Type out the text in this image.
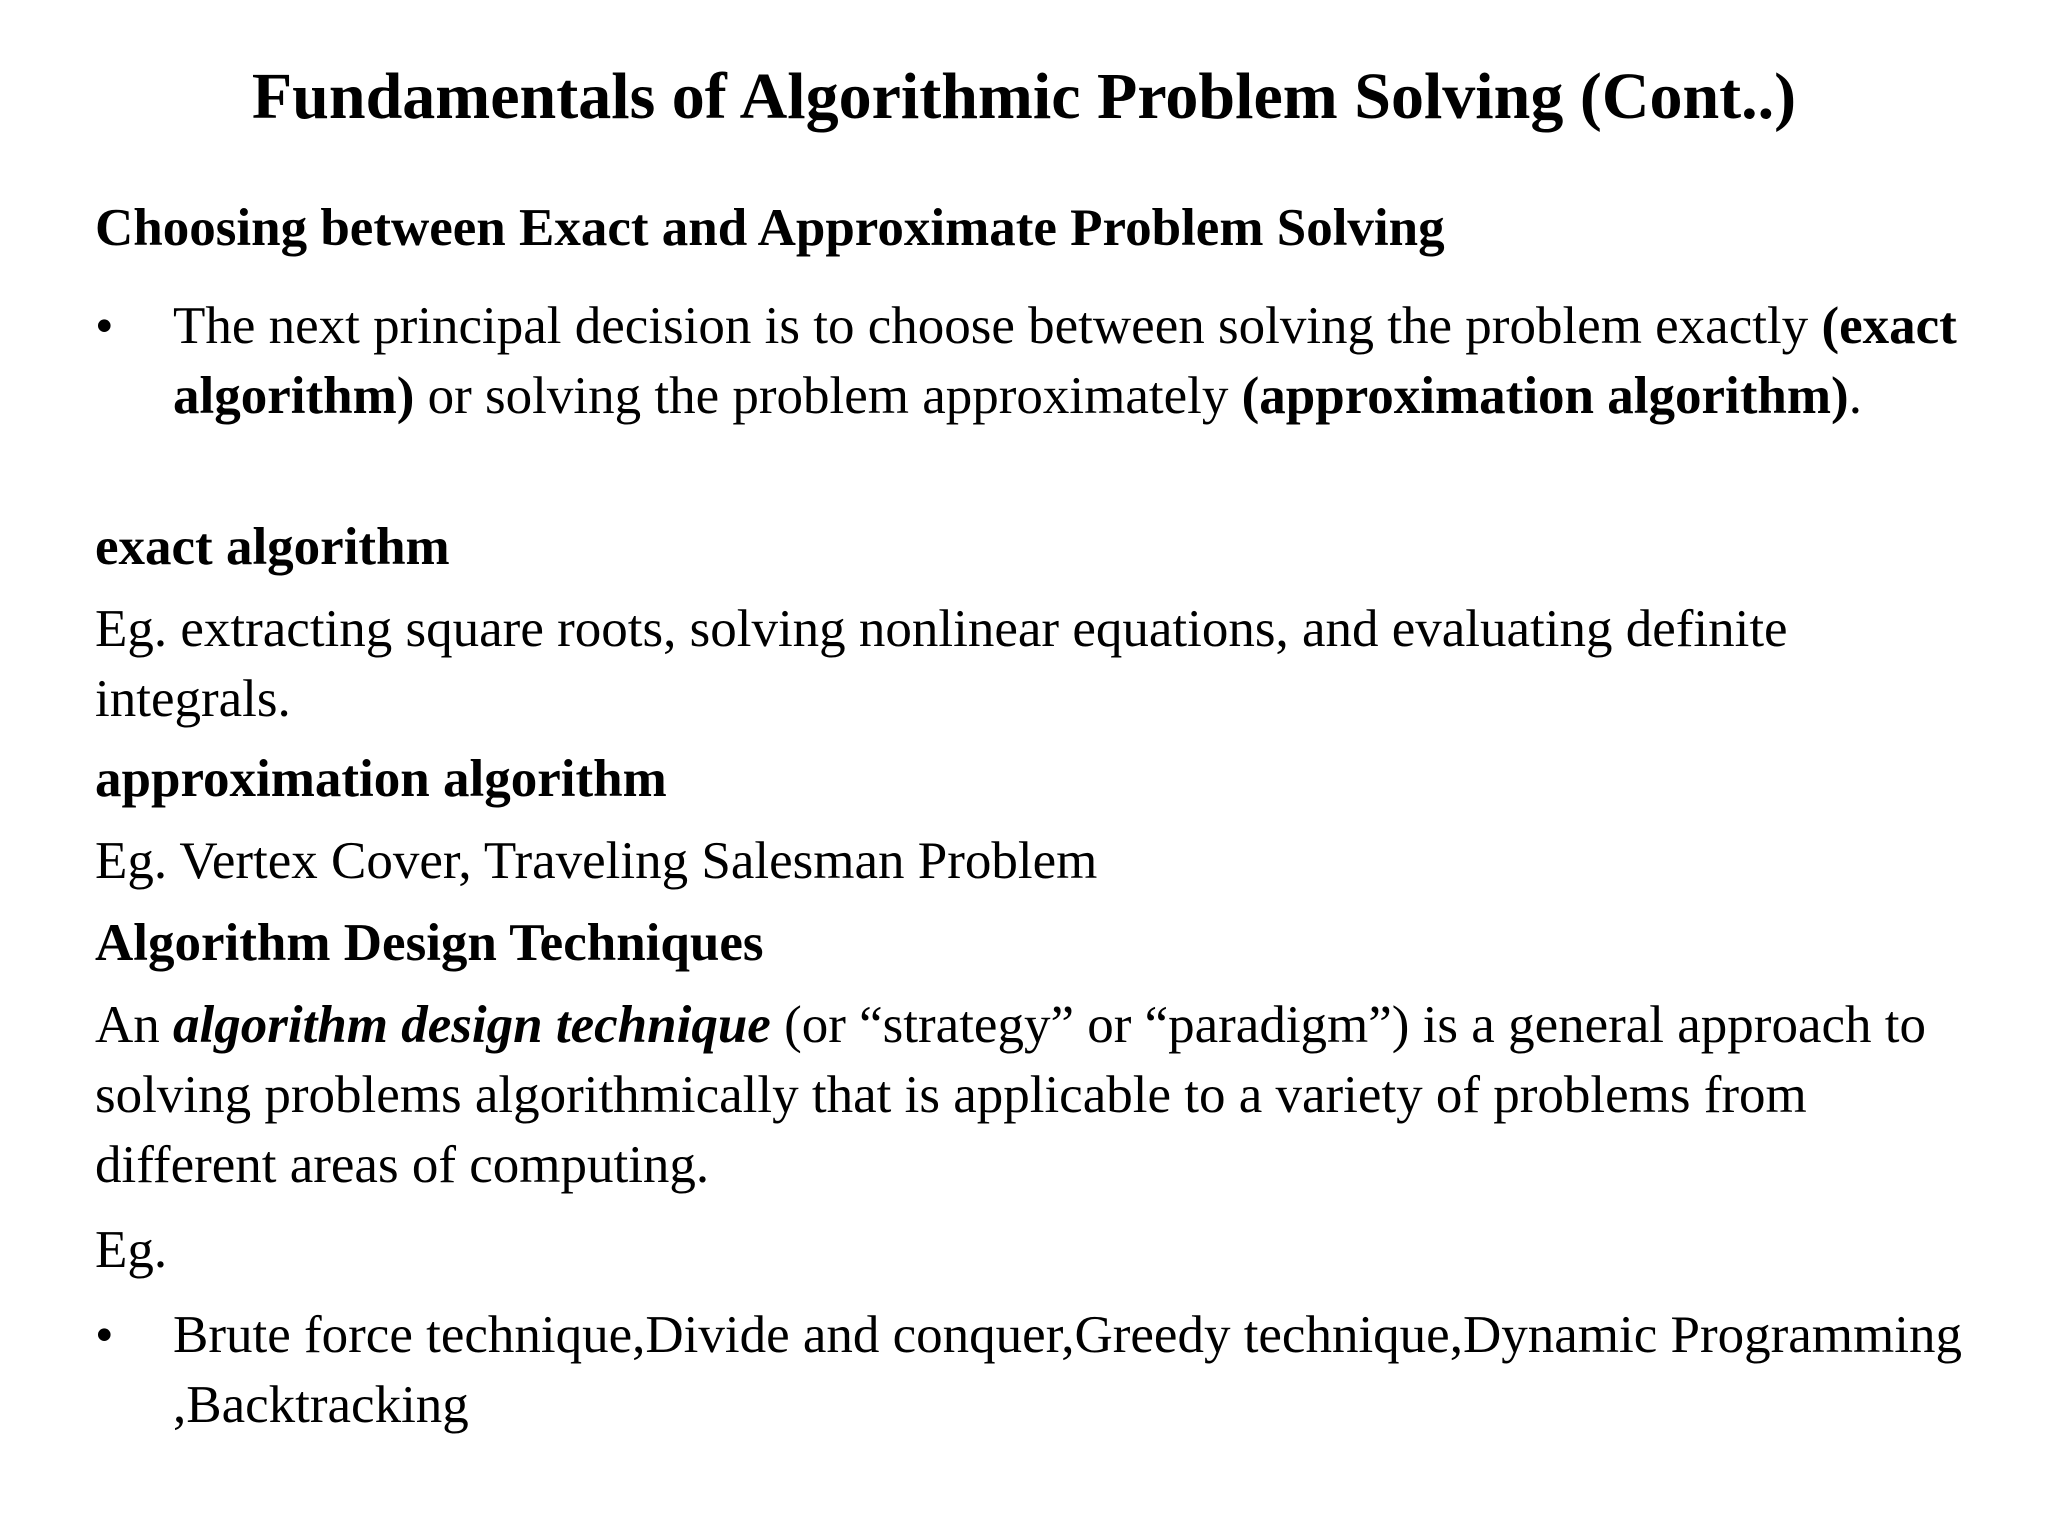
Fundamentals of Algorithmic Problem Solving (Cont..)
Choosing between Exact and Approximate Problem Solving
•	The next principal decision is to choose between solving the problem exactly (exact algorithm) or solving the problem approximately (approximation algorithm).
exact algorithm
Eg. extracting square roots, solving nonlinear equations, and evaluating definite integrals.
approximation algorithm
Eg. Vertex Cover, Traveling Salesman Problem
Algorithm Design Techniques
An algorithm design technique (or “strategy” or “paradigm”) is a general approach to solving problems algorithmically that is applicable to a variety of problems from different areas of computing.
Eg.
•	Brute force technique,Divide and conquer,Greedy technique,Dynamic Programming ,Backtracking
